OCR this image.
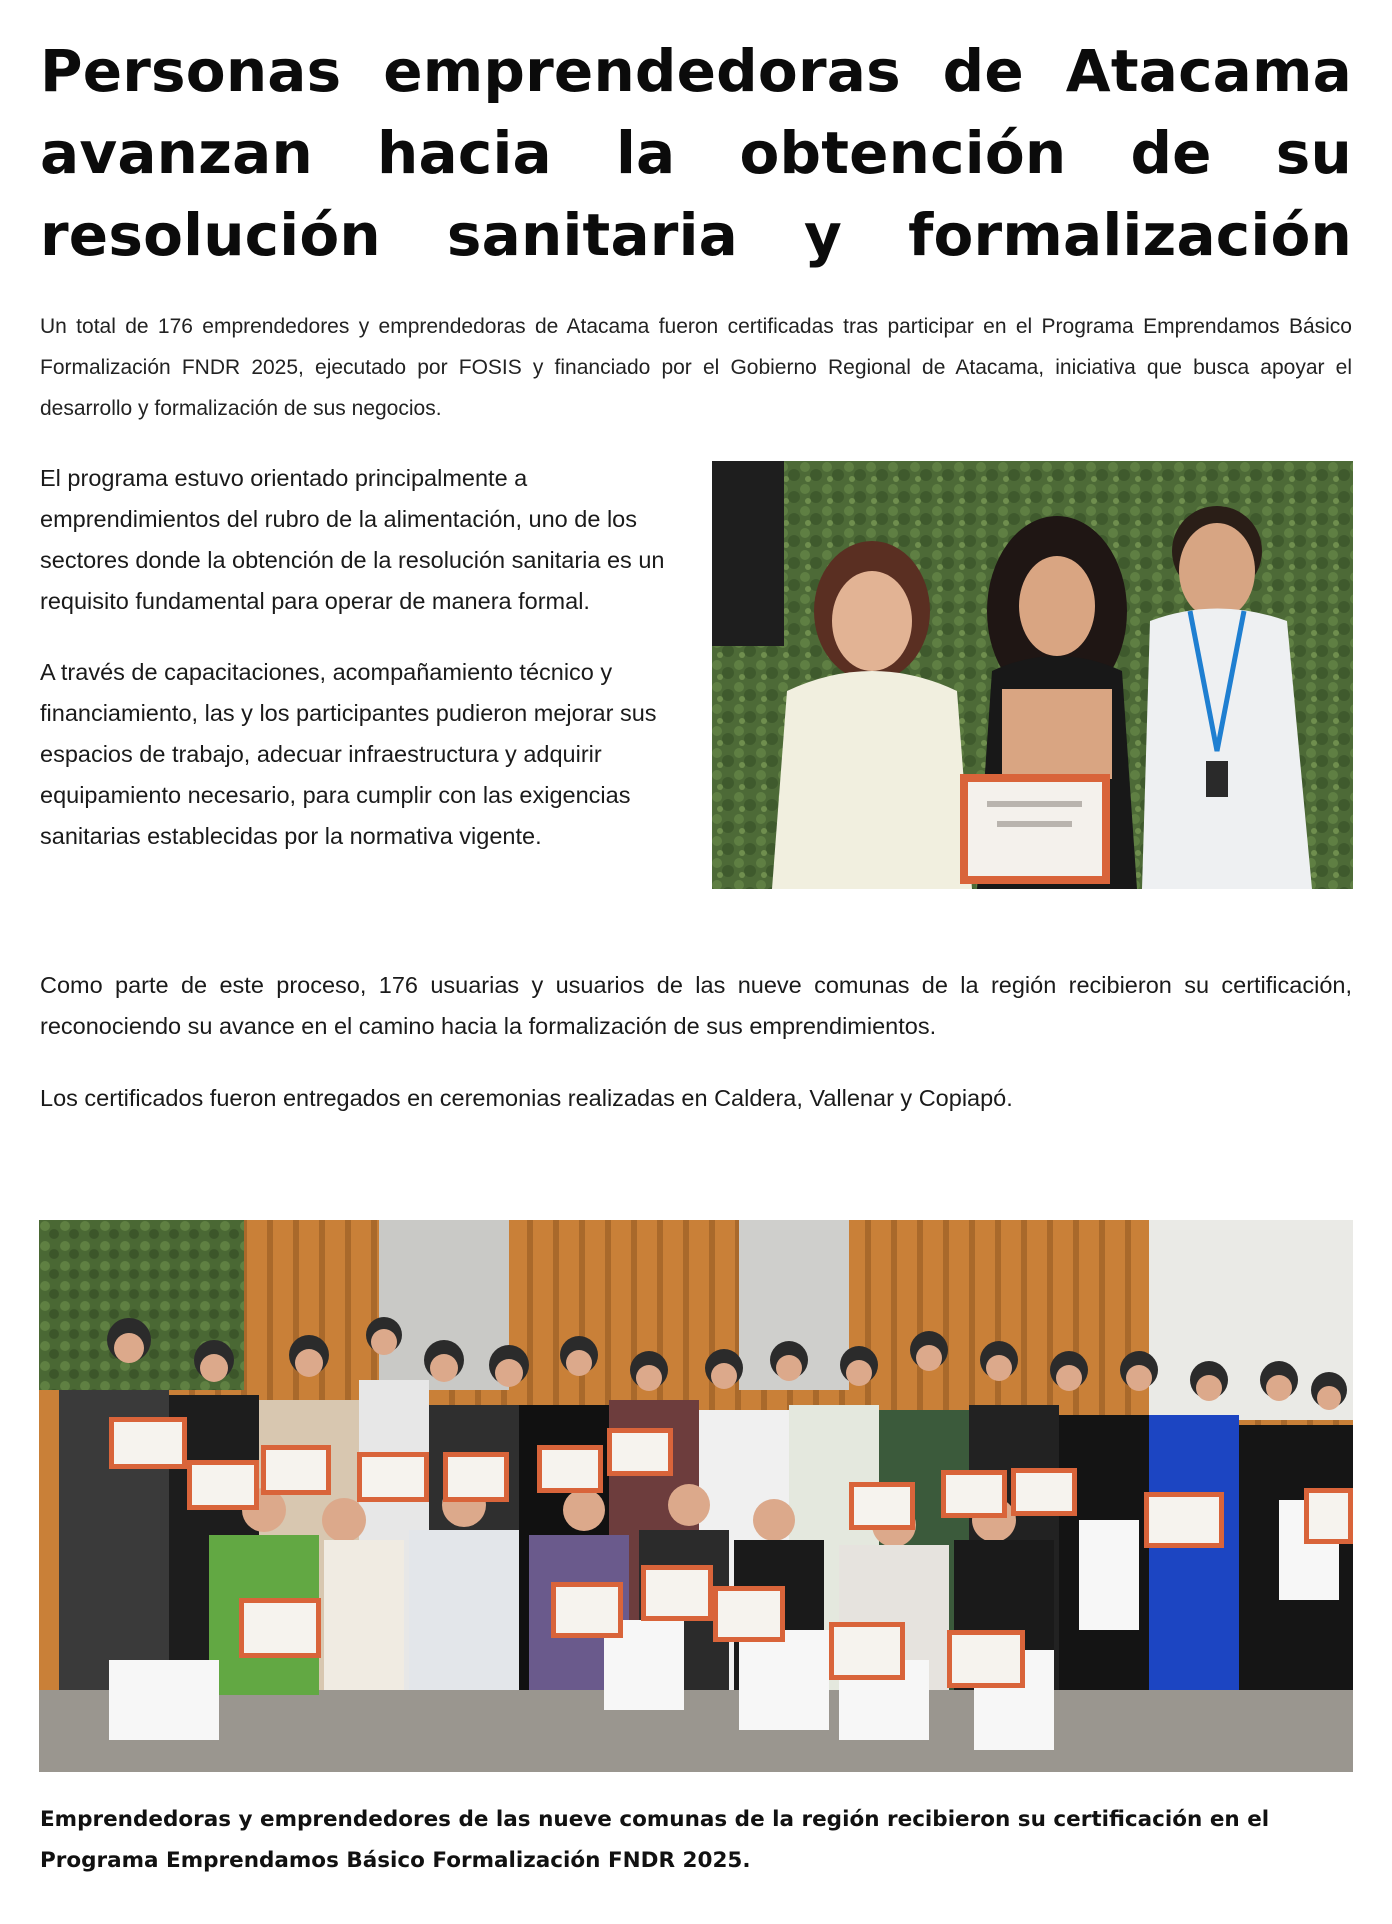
Personas emprendedoras de Atacama avanzan hacia la obtención de su resolución sanitaria y formalización

Un total de 176 emprendedores y emprendedoras de Atacama fueron certificadas tras participar en el Programa Emprendamos Básico Formalización FNDR 2025, ejecutado por FOSIS y financiado por el Gobierno Regional de Atacama, iniciativa que busca apoyar el desarrollo y formalización de sus negocios.

El programa estuvo orientado principalmente a emprendimientos del rubro de la alimentación, uno de los sectores donde la obtención de la resolución sanitaria es un requisito fundamental para operar de manera formal.

A través de capacitaciones, acompañamiento técnico y financiamiento, las y los participantes pudieron mejorar sus espacios de trabajo, adecuar infraestructura y adquirir equipamiento necesario, para cumplir con las exigencias sanitarias establecidas por la normativa vigente.

Como parte de este proceso, 176 usuarias y usuarios de las nueve comunas de la región recibieron su certificación, reconociendo su avance en el camino hacia la formalización de sus emprendimientos.

Los certificados fueron entregados en ceremonias realizadas en Caldera, Vallenar y Copiapó.

Emprendedoras y emprendedores de las nueve comunas de la región recibieron su certificación en el Programa Emprendamos Básico Formalización FNDR 2025.
